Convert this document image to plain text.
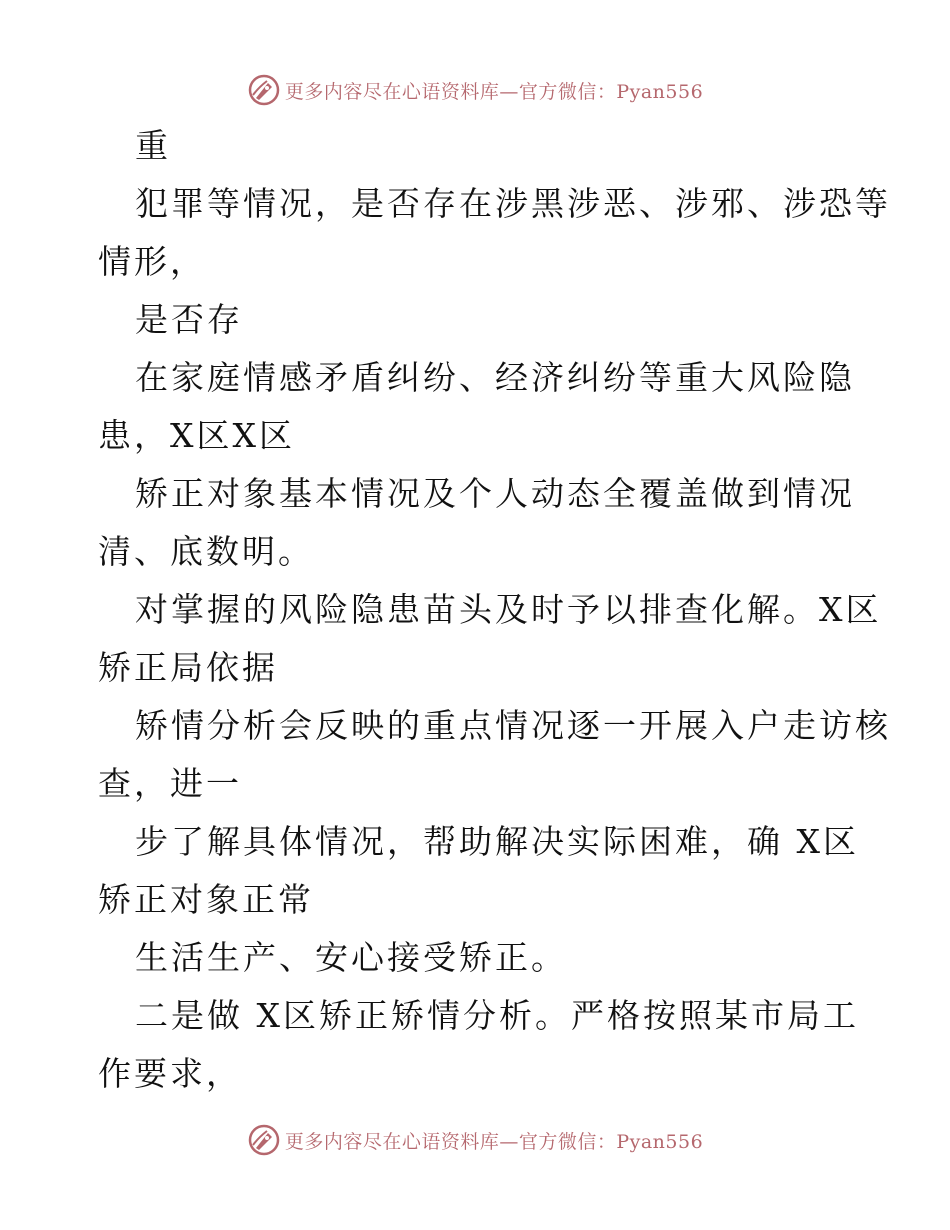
更多内容尽在心语资料库—官方微信：Pyan556
重
犯罪等情况，是否存在涉黑涉恶、涉邪、涉恐等
情形，
是否存
在家庭情感矛盾纠纷、经济纠纷等重大风险隐
患，X区X区
矫正对象基本情况及个人动态全覆盖做到情况
清、底数明。
对掌握的风险隐患苗头及时予以排查化解。X区
矫正局依据
矫情分析会反映的重点情况逐一开展入户走访核
查，进一
步了解具体情况，帮助解决实际困难，确 X区
矫正对象正常
生活生产、安心接受矫正。
二是做 X区矫正矫情分析。严格按照某市局工
作要求，
更多内容尽在心语资料库—官方微信：Pyan556
